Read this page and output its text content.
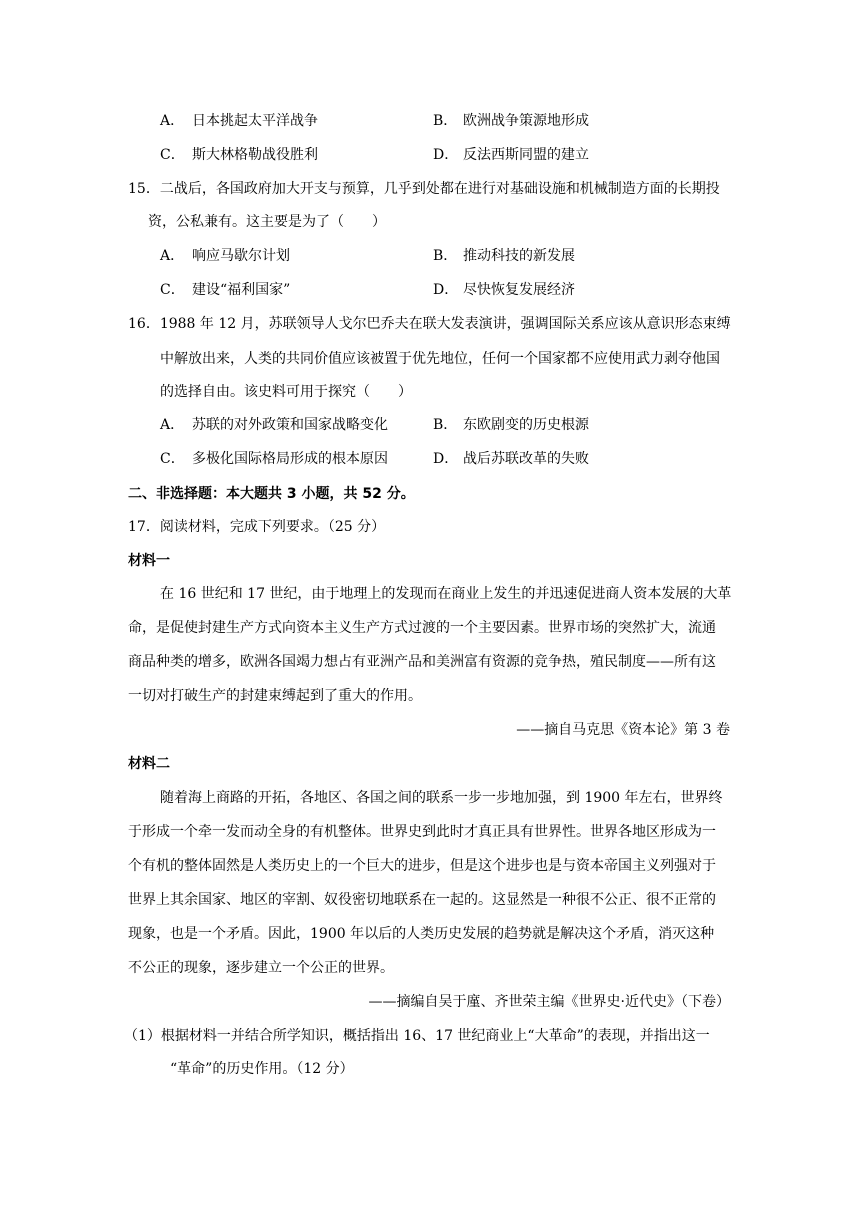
A． 日本挑起太平洋战争	B． 欧洲战争策源地形成
C． 斯大林格勒战役胜利	D． 反法西斯同盟的建立
15．二战后，各国政府加大开支与预算，几乎到处都在进行对基础设施和机械制造方面的长期投
资，公私兼有。这主要是为了（　　）
A． 响应马歇尔计划	B． 推动科技的新发展
C． 建设“福利国家”	D． 尽快恢复发展经济
16．1988 年 12 月，苏联领导人戈尔巴乔夫在联大发表演讲，强调国际关系应该从意识形态束缚
中解放出来，人类的共同价值应该被置于优先地位，任何一个国家都不应使用武力剥夺他国
的选择自由。该史料可用于探究（　　）
A． 苏联的对外政策和国家战略变化	B． 东欧剧变的历史根源
C． 多极化国际格局形成的根本原因	D． 战后苏联改革的失败
二、非选择题：本大题共 3 小题，共 52 分。
17．阅读材料，完成下列要求。（25 分）
材料一
在 16 世纪和 17 世纪，由于地理上的发现而在商业上发生的并迅速促进商人资本发展的大革
命，是促使封建生产方式向资本主义生产方式过渡的一个主要因素。世界市场的突然扩大，流通
商品种类的增多，欧洲各国竭力想占有亚洲产品和美洲富有资源的竞争热，殖民制度——所有这
一切对打破生产的封建束缚起到了重大的作用。
——摘自马克思《资本论》第 3 卷
材料二
随着海上商路的开拓，各地区、各国之间的联系一步一步地加强，到 1900 年左右，世界终
于形成一个牵一发而动全身的有机整体。世界史到此时才真正具有世界性。世界各地区形成为一
个有机的整体固然是人类历史上的一个巨大的进步，但是这个进步也是与资本帝国主义列强对于
世界上其余国家、地区的宰割、奴役密切地联系在一起的。这显然是一种很不公正、很不正常的
现象，也是一个矛盾。因此，1900 年以后的人类历史发展的趋势就是解决这个矛盾，消灭这种
不公正的现象，逐步建立一个公正的世界。
——摘编自吴于廑、齐世荣主编《世界史·近代史》（下卷）
（1）根据材料一并结合所学知识，概括指出 16、17 世纪商业上“大革命”的表现，并指出这一
“革命”的历史作用。（12 分）
